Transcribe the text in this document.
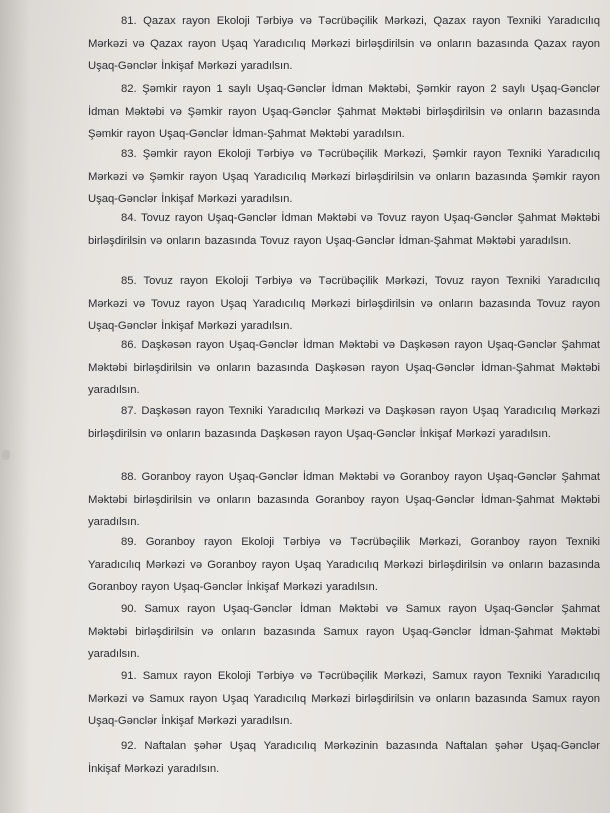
81. Qazax rayon Ekoloji Tərbiyə və Təcrübəçilik Mərkəzi, Qazax rayon Texniki Yaradıcılıq Mərkəzi və Qazax rayon Uşaq Yaradıcılıq Mərkəzi birləşdirilsin və onların bazasında Qazax rayon Uşaq-Gənclər İnkişaf Mərkəzi yaradılsın.
82. Şəmkir rayon 1 saylı Uşaq-Gənclər İdman Məktəbi, Şəmkir rayon 2 saylı Uşaq-Gənclər İdman Məktəbi və Şəmkir rayon Uşaq-Gənclər Şahmat Məktəbi birləşdirilsin və onların bazasında Şəmkir rayon Uşaq-Gənclər İdman-Şahmat Məktəbi yaradılsın.
83. Şəmkir rayon Ekoloji Tərbiyə və Təcrübəçilik Mərkəzi, Şəmkir rayon Texniki Yaradıcılıq Mərkəzi və Şəmkir rayon Uşaq Yaradıcılıq Mərkəzi birləşdirilsin və onların bazasında Şəmkir rayon Uşaq-Gənclər İnkişaf Mərkəzi yaradılsın.
84. Tovuz rayon Uşaq-Gənclər İdman Məktəbi və Tovuz rayon Uşaq-Gənclər Şahmat Məktəbi birləşdirilsin və onların bazasında Tovuz rayon Uşaq-Gənclər İdman-Şahmat Məktəbi yaradılsın.
85. Tovuz rayon Ekoloji Tərbiyə və Təcrübəçilik Mərkəzi, Tovuz rayon Texniki Yaradıcılıq Mərkəzi və Tovuz rayon Uşaq Yaradıcılıq Mərkəzi birləşdirilsin və onların bazasında Tovuz rayon Uşaq-Gənclər İnkişaf Mərkəzi yaradılsın.
86. Daşkəsən rayon Uşaq-Gənclər İdman Məktəbi və Daşkəsən rayon Uşaq-Gənclər Şahmat Məktəbi birləşdirilsin və onların bazasında Daşkəsən rayon Uşaq-Gənclər İdman-Şahmat Məktəbi yaradılsın.
87. Daşkəsən rayon Texniki Yaradıcılıq Mərkəzi və Daşkəsən rayon Uşaq Yaradıcılıq Mərkəzi birləşdirilsin və onların bazasında Daşkəsən rayon Uşaq-Gənclər İnkişaf Mərkəzi yaradılsın.
88. Goranboy rayon Uşaq-Gənclər İdman Məktəbi və Goranboy rayon Uşaq-Gənclər Şahmat Məktəbi birləşdirilsin və onların bazasında Goranboy rayon Uşaq-Gənclər İdman-Şahmat Məktəbi yaradılsın.
89. Goranboy rayon Ekoloji Tərbiyə və Təcrübəçilik Mərkəzi, Goranboy rayon Texniki Yaradıcılıq Mərkəzi və Goranboy rayon Uşaq Yaradıcılıq Mərkəzi birləşdirilsin və onların bazasında Goranboy rayon Uşaq-Gənclər İnkişaf Mərkəzi yaradılsın.
90. Samux rayon Uşaq-Gənclər İdman Məktəbi və Samux rayon Uşaq-Gənclər Şahmat Məktəbi birləşdirilsin və onların bazasında Samux rayon Uşaq-Gənclər İdman-Şahmat Məktəbi yaradılsın.
91. Samux rayon Ekoloji Tərbiyə və Təcrübəçilik Mərkəzi, Samux rayon Texniki Yaradıcılıq Mərkəzi və Samux rayon Uşaq Yaradıcılıq Mərkəzi birləşdirilsin və onların bazasında Samux rayon Uşaq-Gənclər İnkişaf Mərkəzi yaradılsın.
92. Naftalan şəhər Uşaq Yaradıcılıq Mərkəzinin bazasında Naftalan şəhər Uşaq-Gənclər İnkişaf Mərkəzi yaradılsın.
